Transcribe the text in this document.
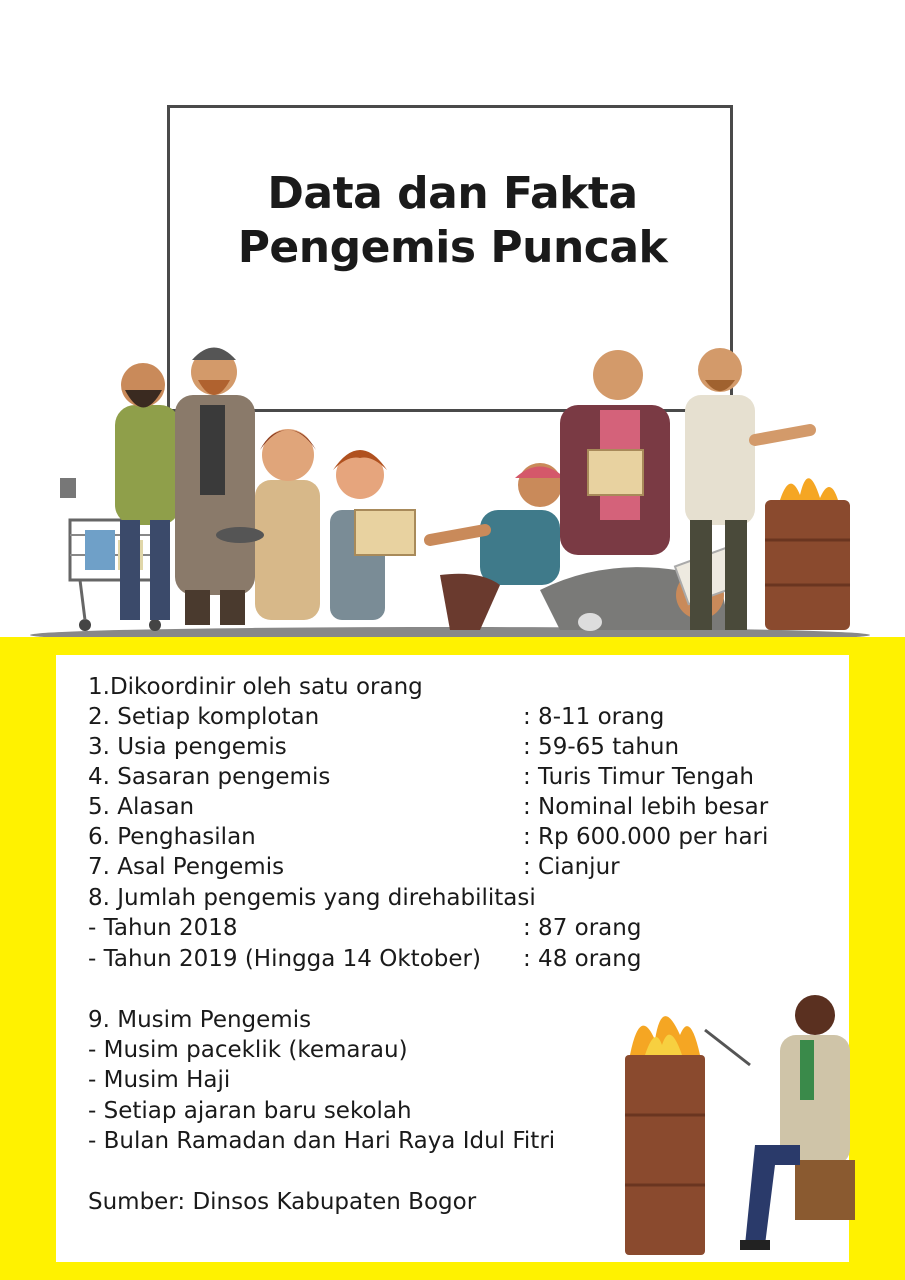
Data dan Fakta
Pengemis Puncak
1.Dikoordinir oleh satu orang
2. Setiap komplotan	: 8-11 orang
3. Usia pengemis	: 59-65 tahun
4. Sasaran pengemis	: Turis Timur Tengah
5. Alasan	: Nominal lebih besar
6. Penghasilan	: Rp 600.000 per hari
7. Asal Pengemis	: Cianjur
8. Jumlah pengemis yang direhabilitasi
- Tahun 2018	: 87 orang
- Tahun 2019 (Hingga 14 Oktober) : 48 orang
9. Musim Pengemis
- Musim paceklik (kemarau)
- Musim Haji
- Setiap ajaran baru sekolah
- Bulan Ramadan dan Hari Raya Idul Fitri
Sumber: Dinsos Kabupaten Bogor
